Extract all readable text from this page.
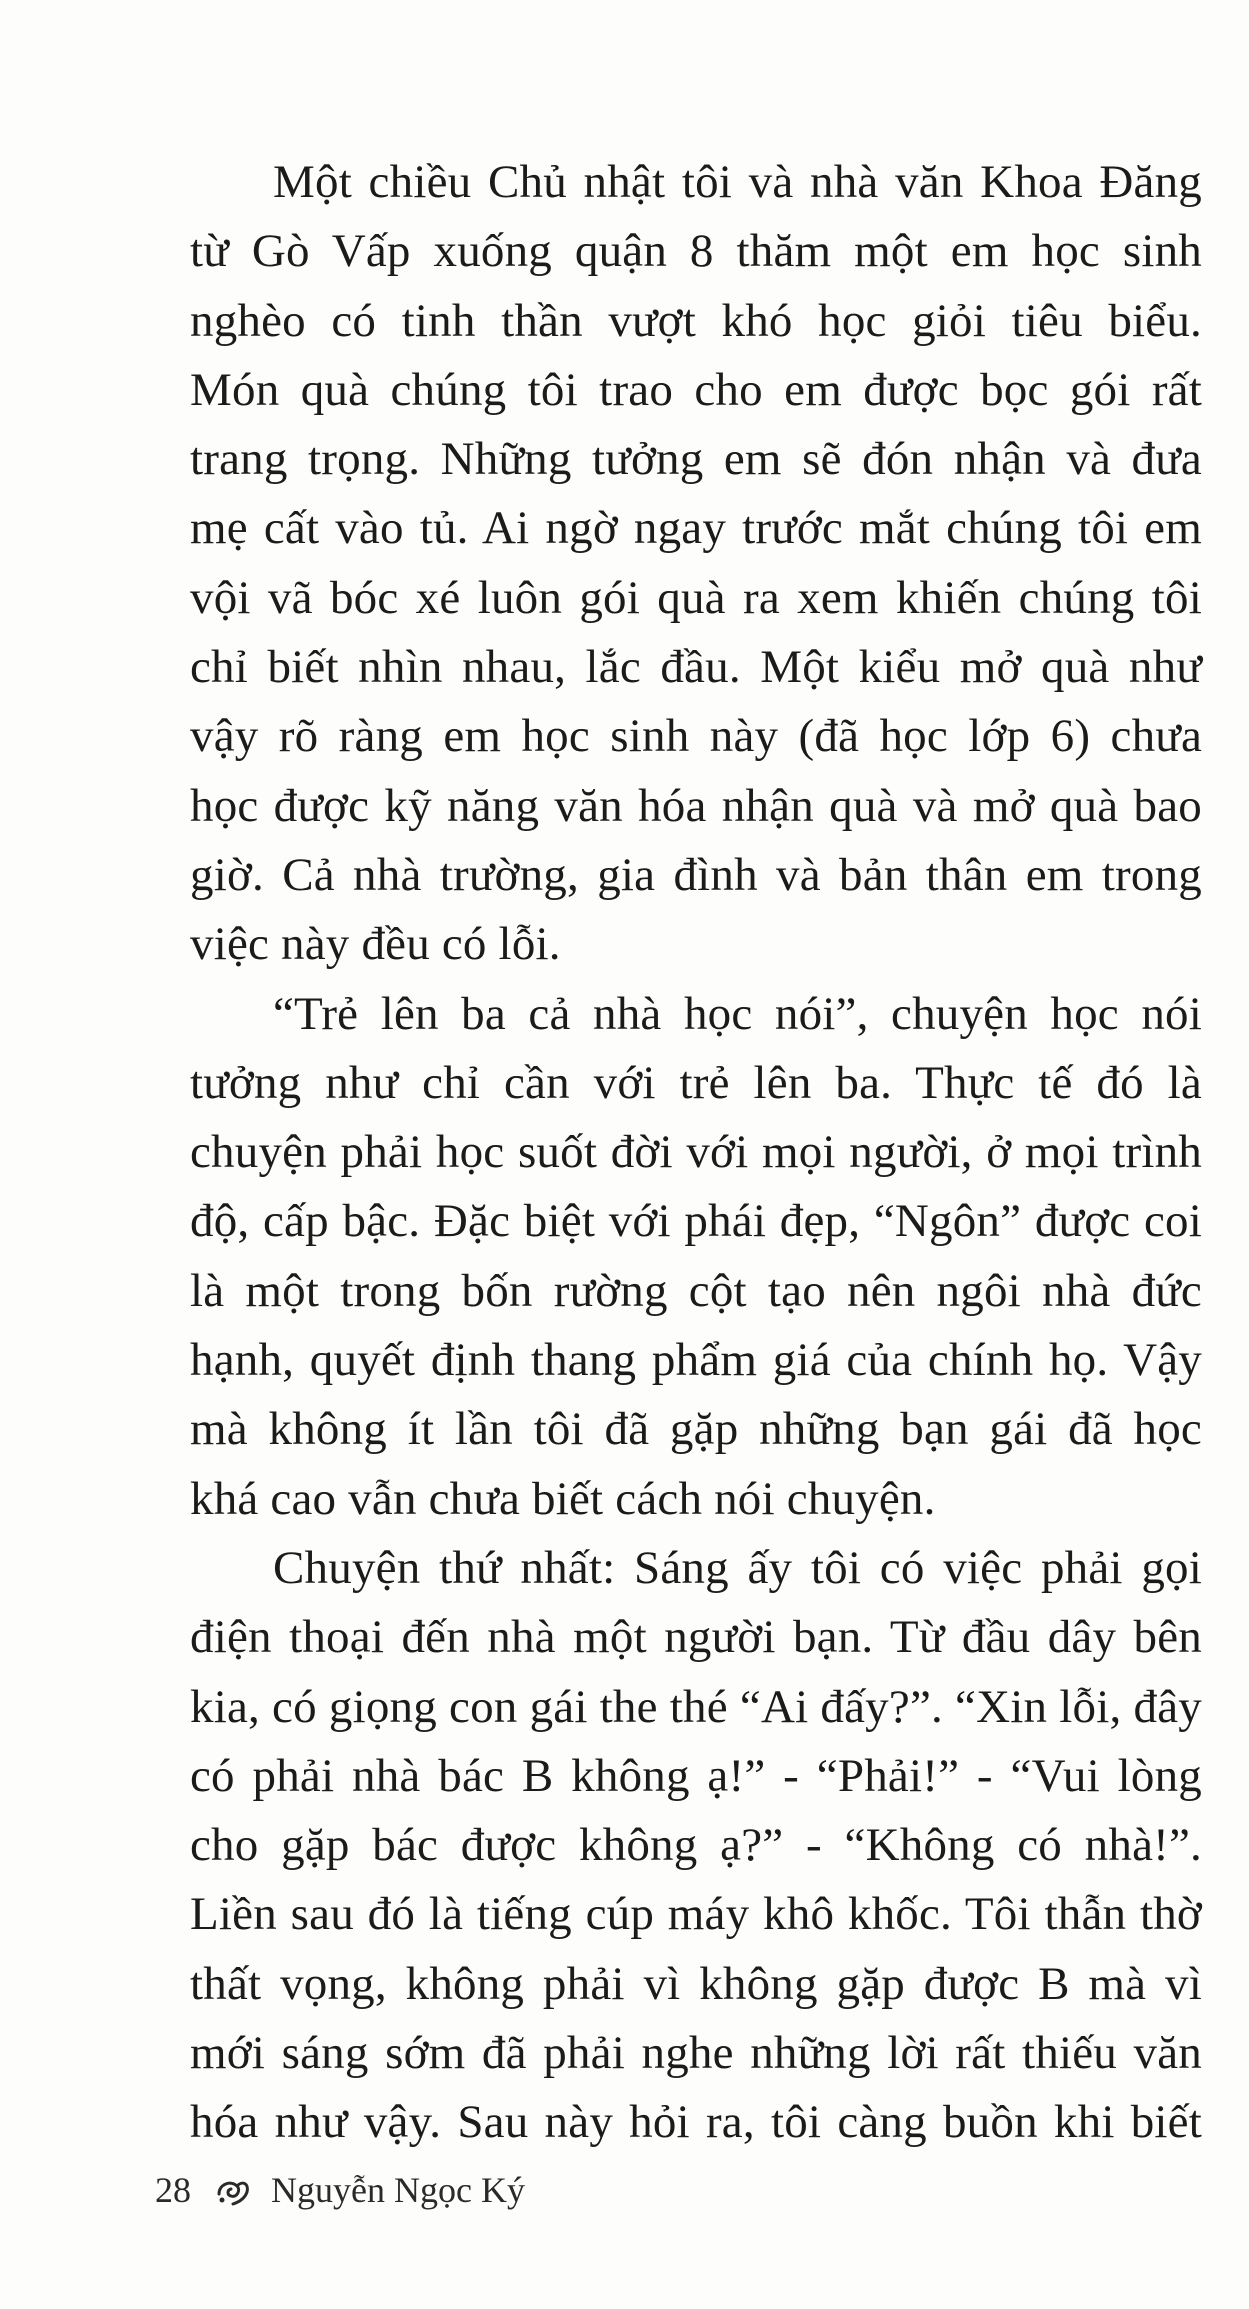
Một chiều Chủ nhật tôi và nhà văn Khoa Đăng
từ Gò Vấp xuống quận 8 thăm một em học sinh
nghèo có tinh thần vượt khó học giỏi tiêu biểu.
Món quà chúng tôi trao cho em được bọc gói rất
trang trọng. Những tưởng em sẽ đón nhận và đưa
mẹ cất vào tủ. Ai ngờ ngay trước mắt chúng tôi em
vội vã bóc xé luôn gói quà ra xem khiến chúng tôi
chỉ biết nhìn nhau, lắc đầu. Một kiểu mở quà như
vậy rõ ràng em học sinh này (đã học lớp 6) chưa
học được kỹ năng văn hóa nhận quà và mở quà bao
giờ. Cả nhà trường, gia đình và bản thân em trong
việc này đều có lỗi.
“Trẻ lên ba cả nhà học nói”, chuyện học nói
tưởng như chỉ cần với trẻ lên ba. Thực tế đó là
chuyện phải học suốt đời với mọi người, ở mọi trình
độ, cấp bậc. Đặc biệt với phái đẹp, “Ngôn” được coi
là một trong bốn rường cột tạo nên ngôi nhà đức
hạnh, quyết định thang phẩm giá của chính họ. Vậy
mà không ít lần tôi đã gặp những bạn gái đã học
khá cao vẫn chưa biết cách nói chuyện.
Chuyện thứ nhất: Sáng ấy tôi có việc phải gọi
điện thoại đến nhà một người bạn. Từ đầu dây bên
kia, có giọng con gái the thé “Ai đấy?”. “Xin lỗi, đây
có phải nhà bác B không ạ!” - “Phải!” - “Vui lòng
cho gặp bác được không ạ?” - “Không có nhà!”.
Liền sau đó là tiếng cúp máy khô khốc. Tôi thẫn thờ
thất vọng, không phải vì không gặp được B mà vì
mới sáng sớm đã phải nghe những lời rất thiếu văn
hóa như vậy. Sau này hỏi ra, tôi càng buồn khi biết
28 Nguyễn Ngọc Ký
